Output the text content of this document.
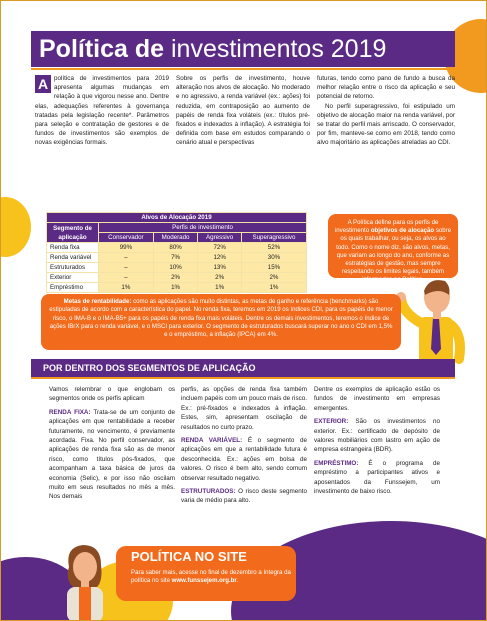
Política de investimentos 2019
A política de investimentos para 2019 apresenta algumas mudanças em relação à que vigorou nesse ano. Dentre elas, adequações referentes à governança tratadas pela legislação recente*. Parâmetros para seleção e contratação de gestores e de fundos de investimentos são exemplos de novas exigências formais.
Sobre os perfis de investimento, houve alteração nos alvos de alocação. No moderado e no agressivo, a renda variável (ex.: ações) foi reduzida, em contraposição ao aumento de papéis de renda fixa voláteis (ex.: títulos pré-fixados e indexados à inflação). A estratégia foi definida com base em estudos comparando o cenário atual e perspectivas

futuras, tendo como pano de fundo a busca da melhor relação entre o risco da aplicação e seu potencial de retorno.

No perfil superagressivo, foi estipulado um objetivo de alocação maior na renda variável, por se tratar do perfil mais arriscado. O conservador, por fim, manteve-se como em 2018, tendo como alvo majoritário as aplicações atreladas ao CDI.

Alvos de Alocação 2019				
Segmento de aplicação	Perfis de investimento			
	Conservador	Moderado	Agressivo	Superagressivo
Renda fixa	99%	80%	72%	52%
Renda variável	–	7%	12%	30%
Estruturados	–	10%	13%	15%
Exterior	–	2%	2%	2%
Empréstimo	1%	1%	1%	1%
A Política define para os perfis de investimento objetivos de alocação sobre os quais trabalhar, ou seja, os alvos ao todo. Como o nome diz, são alvos, metas, que variam ao longo do ano, conforme as estratégias de gestão, mas sempre respeitando os limites legais, também informados na Política.
Metas de rentabilidade: como as aplicações são muito distintas, as metas de ganho e referência (benchmarks) são estipuladas de acordo com a característica do papel. No renda fixa, teremos em 2019 os índices CDI, para os papéis de menor risco, o IMA-B e o IMA-B5+ para os papéis de renda fixa mais voláteis. Dentre os demais investimentos, teremos o índice de ações IBrX para o renda variável, e o MSCI para exterior. O segmento de estruturados buscará superar no ano o CDI em 1,5% e o empréstimo, a inflação (IPCA) em 4%.
POR DENTRO DOS SEGMENTOS DE APLICAÇÃO

Vamos relembrar o que englobam os segmentos onde os perfis aplicam

RENDA FIXA: Trata-se de um conjunto de aplicações em que rentabilidade a receber futuramente, no vencimento, é previamente acordada. Fixa. No perfil conservador, as aplicações de renda fixa são as de menor risco, como títulos pós-fixados, que acompanham a taxa básica de juros da economia (Selic), e por isso não oscilam muito em seus resultados no mês a mês. Nos demais

perfis, as opções de renda fixa também incluem papéis com um pouco mais de risco. Ex.: pré-fixados e indexados à inflação. Estes, sim, apresentam oscilação de resultados no curto prazo.

RENDA VARIÁVEL: É o segmento de aplicações em que a rentabilidade futura é desconhecida. Ex.: ações em bolsa de valores. O risco é bem alto, sendo comum observar resultado negativo.

ESTRUTURADOS: O risco deste segmento varia de médio para alto.

Dentre os exemplos de aplicação estão os fundos de investimento em empresas emergentes.

EXTERIOR: São os investimentos no exterior. Ex.: certificado de depósito de valores mobiliários com lastro em ação de empresa estrangeira (BDR).

EMPRÉSTIMO: É o programa de empréstimo a participantes ativos e aposentados da Funssejem, um investimento de baixo risco.

POLÍTICA NO SITE
Para saber mais, acesse no final de dezembro a íntegra da política no site www.funssejem.org.br.
